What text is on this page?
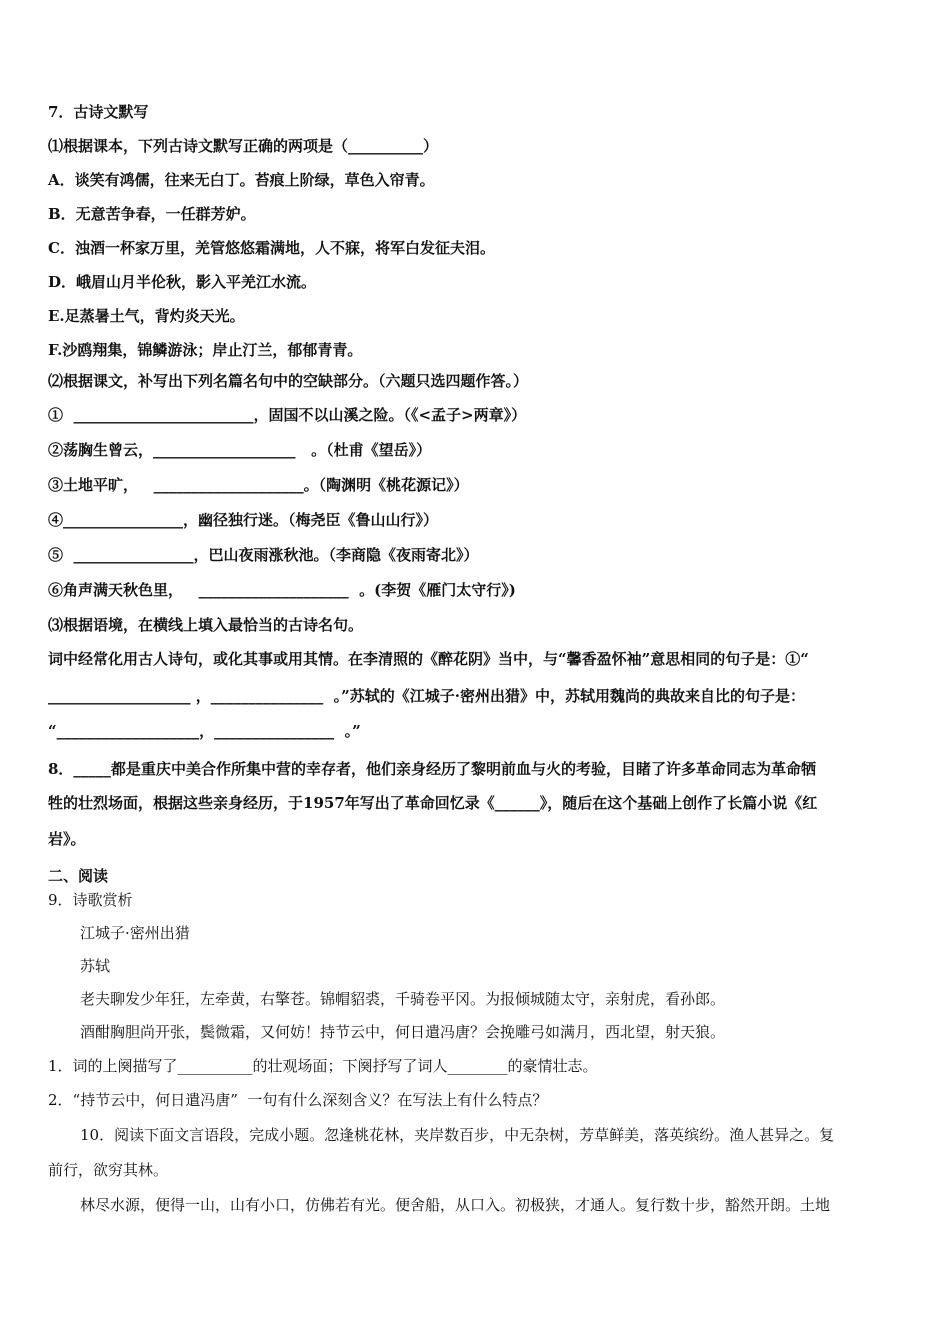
7．古诗文默写
⑴根据课本，下列古诗文默写正确的两项是（__________）
A．谈笑有鸿儒，往来无白丁。苔痕上阶绿，草色入帘青。
B．无意苦争春，一任群芳妒。
C．浊酒一杯家万里，羌管悠悠霜满地，人不寐，将军白发征夫泪。
D．峨眉山月半伦秋，影入平羌江水流。
E.足蒸暑土气，背灼炎天光。
F.沙鸥翔集，锦鳞游泳；岸止汀兰，郁郁青青。
⑵根据课文，补写出下列名篇名句中的空缺部分。（六题只选四题作答。）
①  ________________________，固国不以山溪之险。（《<孟子>两章》）
②荡胸生曾云，___________________   。（杜甫《望岳》）
③土地平旷，   ____________________。（陶渊明《桃花源记》）
④________________，幽径独行迷。（梅尧臣《鲁山山行》）
⑤  ________________，巴山夜雨涨秋池。（李商隐《夜雨寄北》）
⑥角声满天秋色里，   ____________________  。(李贺《雁门太守行》)
⑶根据语境，在横线上填入最恰当的古诗名句。
词中经常化用古人诗句，或化其事或用其情。在李清照的《醉花阴》当中，与“馨香盈怀袖”意思相同的句子是：①“
___________________ ，_______________  。”苏轼的《江城子·密州出猎》中，苏轼用魏尚的典故来自比的句子是：
“___________________，________________  。”
8．_____都是重庆中美合作所集中营的幸存者，他们亲身经历了黎明前血与火的考验，目睹了许多革命同志为革命牺
牲的壮烈场面，根据这些亲身经历，于1957年写出了革命回忆录《______》，随后在这个基础上创作了长篇小说《红
岩》。
二、阅读
9．诗歌赏析
江城子·密州出猎
苏轼
老夫聊发少年狂，左牵黄，右擎苍。锦帽貂裘，千骑卷平冈。为报倾城随太守，亲射虎，看孙郎。
酒酣胸胆尚开张，鬓微霜，又何妨！持节云中，何日遣冯唐？会挽雕弓如满月，西北望，射天狼。
1．词的上阕描写了__________的壮观场面；下阕抒写了词人________的豪情壮志。
2．“持节云中，何日遣冯唐”  一句有什么深刻含义？在写法上有什么特点？
10．阅读下面文言语段，完成小题。忽逢桃花林，夹岸数百步，中无杂树，芳草鲜美，落英缤纷。渔人甚异之。复
前行，欲穷其林。
林尽水源，便得一山，山有小口，仿佛若有光。便舍船，从口入。初极狭，才通人。复行数十步，豁然开朗。土地
